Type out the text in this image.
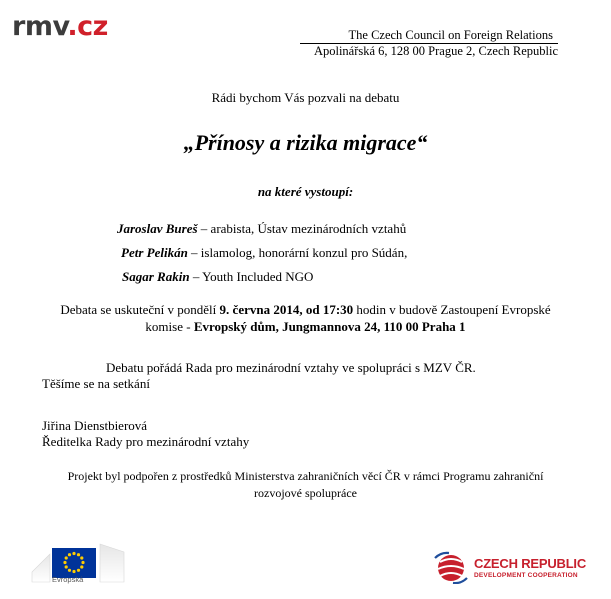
rmv.cz	The Czech Council on Foreign Relations
Apolinářská 6, 128 00 Prague 2, Czech Republic
Rádi bychom Vás pozvali na debatu
„Přínosy a rizika migrace“
na které vystoupí:
Jaroslav Bureš – arabista, Ústav mezinárodních vztahů
Petr Pelikán – islamolog, honorární konzul pro Súdán,
Sagar Rakin – Youth Included NGO
Debata se uskuteční v pondělí 9. června 2014, od 17:30 hodin v budově Zastoupení Evropské
komise - Evropský dům, Jungmannova 24, 110 00 Praha 1
Debatu pořádá Rada pro mezinárodní vztahy ve spolupráci s MZV ČR.
Těšíme se na setkání
Jiřina Dienstbierová
Ředitelka Rady pro mezinárodní vztahy
Projekt byl podpořen z prostředků Ministerstva zahraničních věcí ČR v rámci Programu zahraniční
rozvojové spolupráce
Evropská
CZECH REPUBLIC
DEVELOPMENT COOPERATION
